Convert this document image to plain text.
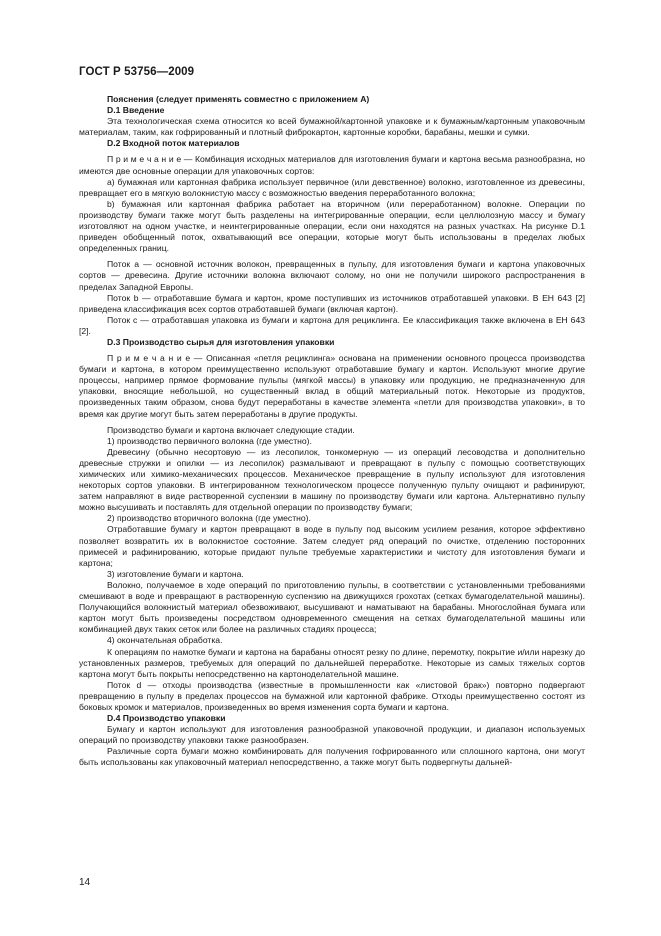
ГОСТ Р 53756—2009

Пояснения (следует применять совместно с приложением А)

D.1 Введение

Эта технологическая схема относится ко всей бумажной/картонной упаковке и к бумажным/картонным упаковочным материалам, таким, как гофрированный и плотный фиброкартон, картонные коробки, барабаны, мешки и сумки.

D.2 Входной поток материалов

П р и м е ч а н и е — Комбинация исходных материалов для изготовления бумаги и картона весьма разнообразна, но имеются две основные операции для упаковочных сортов:

а) бумажная или картонная фабрика использует первичное (или девственное) волокно, изготовленное из древесины, превращает его в мягкую волокнистую массу с возможностью введения переработанного волокна;

b) бумажная или картонная фабрика работает на вторичном (или переработанном) волокне. Операции по производству бумаги также могут быть разделены на интегрированные операции, если целлюлозную массу и бумагу изготовляют на одном участке, и неинтегрированные операции, если они находятся на разных участках. На рисунке D.1 приведен обобщенный поток, охватывающий все операции, которые могут быть использованы в пределах любых определенных границ.

Поток а — основной источник волокон, превращенных в пульпу, для изготовления бумаги и картона упаковочных сортов — древесина. Другие источники волокна включают солому, но они не получили широкого распространения в пределах Западной Европы.

Поток b — отработавшие бумага и картон, кроме поступивших из источников отработавшей упаковки. В ЕН 643 [2] приведена классификация всех сортов отработавшей бумаги (включая картон).

Поток с — отработавшая упаковка из бумаги и картона для рециклинга. Ее классификация также включена в ЕН 643 [2].

D.3 Производство сырья для изготовления упаковки

П р и м е ч а н и е — Описанная «петля рециклинга» основана на применении основного процесса производства бумаги и картона, в котором преимущественно используют отработавшие бумагу и картон. Используют многие другие процессы, например прямое формование пульпы (мягкой массы) в упаковку или продукцию, не предназначенную для упаковки, вносящие небольшой, но существенный вклад в общий материальный поток. Некоторые из продуктов, произведенных таким образом, снова будут переработаны в качестве элемента «петли для производства упаковки», в то время как другие могут быть затем переработаны в другие продукты.

Производство бумаги и картона включает следующие стадии.

1) производство первичного волокна (где уместно).

Древесину (обычно несортовую — из лесопилок, тонкомерную — из операций лесоводства и дополнительно древесные стружки и опилки — из лесопилок) размалывают и превращают в пульпу с помощью соответствующих химических или химико-механических процессов. Механическое превращение в пульпу используют для изготовления некоторых сортов упаковки. В интегрированном технологическом процессе полученную пульпу очищают и рафинируют, затем направляют в виде растворенной суспензии в машину по производству бумаги или картона. Альтернативно пульпу можно высушивать и поставлять для отдельной операции по производству бумаги;

2) производство вторичного волокна (где уместно).

Отработавшие бумагу и картон превращают в воде в пульпу под высоким усилием резания, которое эффективно позволяет возвратить их в волокнистое состояние. Затем следует ряд операций по очистке, отделению посторонних примесей и рафинированию, которые придают пульпе требуемые характеристики и чистоту для изготовления бумаги и картона;

3) изготовление бумаги и картона.

Волокно, получаемое в ходе операций по приготовлению пульпы, в соответствии с установленными требованиями смешивают в воде и превращают в растворенную суспензию на движущихся грохотах (сетках бумагоделательной машины). Получающийся волокнистый материал обезвоживают, высушивают и наматывают на барабаны. Многослойная бумага или картон могут быть произведены посредством одновременного смещения на сетках бумагоделательной машины или комбинацией двух таких сеток или более на различных стадиях процесса;

4) окончательная обработка.

К операциям по намотке бумаги и картона на барабаны относят резку по длине, перемотку, покрытие и/или нарезку до установленных размеров, требуемых для операций по дальнейшей переработке. Некоторые из самых тяжелых сортов картона могут быть покрыты непосредственно на картоноделательной машине.

Поток d — отходы производства (известные в промышленности как «листовой брак») повторно подвергают превращению в пульпу в пределах процессов на бумажной или картонной фабрике. Отходы преимущественно состоят из боковых кромок и материалов, произведенных во время изменения сорта бумаги и картона.

D.4 Производство упаковки

Бумагу и картон используют для изготовления разнообразной упаковочной продукции, и диапазон используемых операций по производству упаковки также разнообразен.

Различные сорта бумаги можно комбинировать для получения гофрированного или сплошного картона, они могут быть использованы как упаковочный материал непосредственно, а также могут быть подвергнуты дальней-

14
